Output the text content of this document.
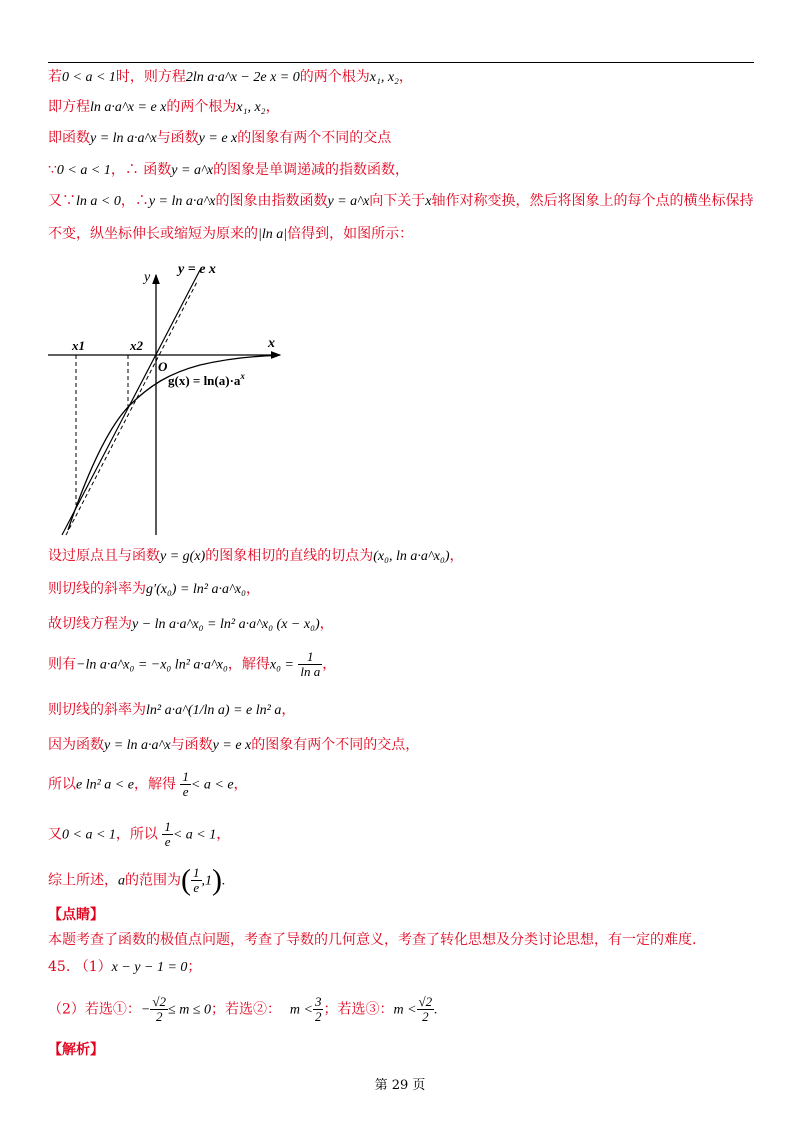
若0 < a < 1时，则方程2ln a·a^x − 2e x = 0的两个根为x₁, x₂，
即方程ln a·a^x = e x的两个根为x₁, x₂，
即函数y = ln a·a^x与函数y = e x的图象有两个不同的交点
∵0 < a < 1，∴ 函数y = a^x的图象是单调递减的指数函数，
又∵ln a < 0，∴y = ln a·a^x的图象由指数函数y = a^x向下关于x轴作对称变换，然后将图象上的每个点的横坐标保持
不变，纵坐标伸长或缩短为原来的|ln a|倍得到，如图所示：
y
x
O
x1	x2
y = e x
$g(x) = \ln(a)\cdot a^x$
设过原点且与函数y = g(x)的图象相切的直线的切点为(x₀, ln a·a^x₀)，
则切线的斜率为g′(x₀) = ln² a·a^x₀，
故切线方程为y − ln a·a^x₀ = ln² a·a^x₀ (x − x₀)，
则有−ln a·a^x₀ = −x₀ ln² a·a^x₀，解得$x_0 = \frac{1}{\text{ln a}}$ ，
则切线的斜率为ln² a·a^(1/ln a) = e ln² a，
因为函数y = ln a·a^x与函数y = e x的图象有两个不同的交点，
所以e ln² a < e，解得 $\frac{1}{e} < a < e$，
又0 < a < 1，所以 $\frac{1}{e} < a < 1$，
综上所述，a的范围为( $\frac{1}{e} ,1$).
【点睛】
本题考查了函数的极值点问题，考查了导数的几何意义，考查了转化思想及分类讨论思想，有一定的难度.
45. （1）x − y − 1 = 0；
（2）若选①：− $\frac{√2}{2} \le m \le 0$；若选②： $m < \frac{3}{2}$ ；若选③：$m < \frac{√2}{2}$ .
【解析】
第 29 页
